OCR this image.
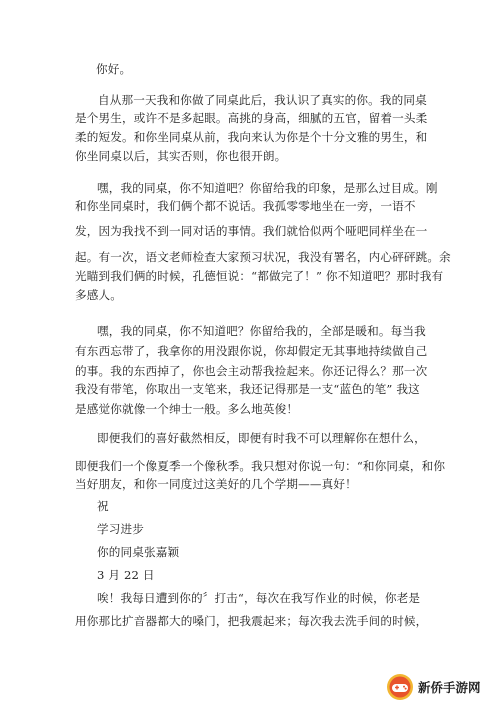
你好。
自从那一天我和你做了同桌此后，我认识了真实的你。我的同桌
是个男生，或许不是多起眼。高挑的身高，细腻的五官，留着一头柔
柔的短发。和你坐同桌从前，我向来认为你是个十分文雅的男生，和
你坐同桌以后，其实否则，你也很开朗。
嘿，我的同桌，你不知道吧？你留给我的印象，是那么过目成。刚
和你坐同桌时，我们俩个都不说话。我孤零零地坐在一旁，一语不
发，因为我找不到一同对话的事情。我们就恰似两个哑吧同样坐在一
起。有一次，语文老师检查大家预习状况，我没有署名，内心砰砰跳。余
光瞄到我们俩的时候，孔德恒说：“都做完了！” 你不知道吧？那时我有
多感人。
嘿，我的同桌，你不知道吧？你留给我的，全部是暖和。每当我
有东西忘带了，我拿你的用没跟你说，你却假定无其事地持续做自己
的事。我的东西掉了，你也会主动帮我捡起来。你还记得么？那一次
我没有带笔，你取出一支笔来，我还记得那是一支“蓝色的笔” 我这
是感觉你就像一个绅士一般。多么地英俊！
即便我们的喜好截然相反，即便有时我不可以理解你在想什么，
即便我们一个像夏季一个像秋季。我只想对你说一句：“和你同桌，和你
当好朋友，和你一同度过这美好的几个学期——真好！
祝
学习进步
你的同桌张嘉颖
3 月 22 日
唉！我每日遭到你的〞打击“，每次在我写作业的时候，你老是
用你那比扩音器都大的嗓门，把我震起来；每次我去洗手间的时候，
新侨手游网
